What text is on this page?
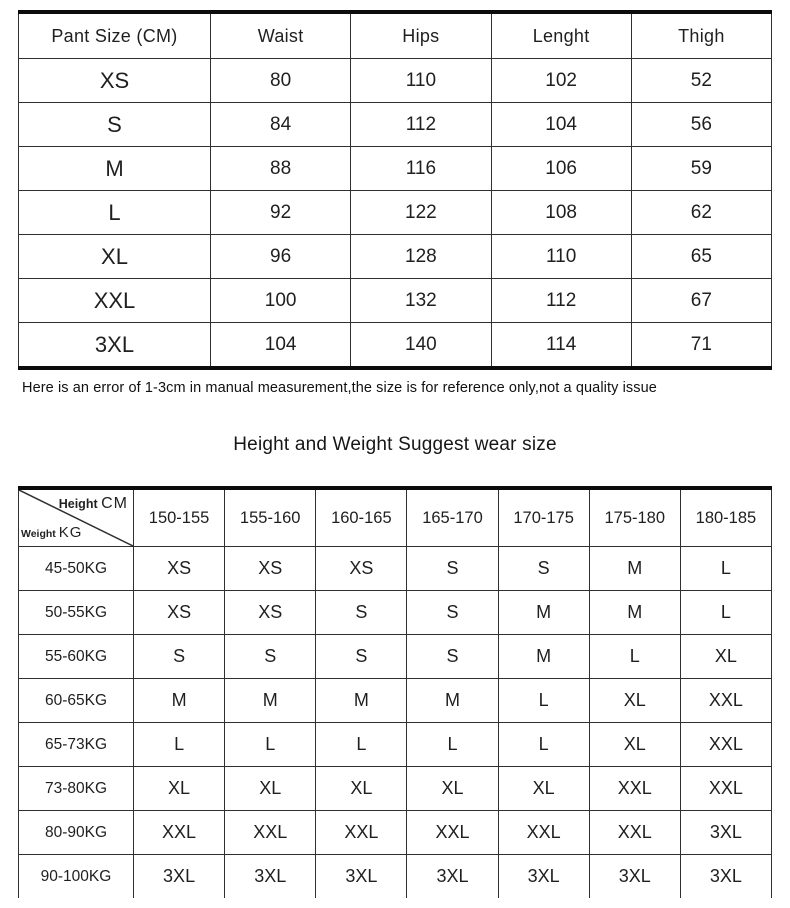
Pant Size (CM)	Waist	Hips	Lenght	Thigh
XS	80	110	102	52
S	84	112	104	56
M	88	116	106	59
L	92	122	108	62
XL	96	128	110	65
XXL	100	132	112	67
3XL	104	140	114	71
Here is an error of 1-3cm in manual measurement,the size is for reference only,not a quality issue
Height and Weight Suggest wear size
Height CM
Weight KG	150-155	155-160	160-165	165-170	170-175	175-180	180-185
45-50KG	XS	XS	XS	S	S	M	L
50-55KG	XS	XS	S	S	M	M	L
55-60KG	S	S	S	S	M	L	XL
60-65KG	M	M	M	M	L	XL	XXL
65-73KG	L	L	L	L	L	XL	XXL
73-80KG	XL	XL	XL	XL	XL	XXL	XXL
80-90KG	XXL	XXL	XXL	XXL	XXL	XXL	3XL
90-100KG	3XL	3XL	3XL	3XL	3XL	3XL	3XL
